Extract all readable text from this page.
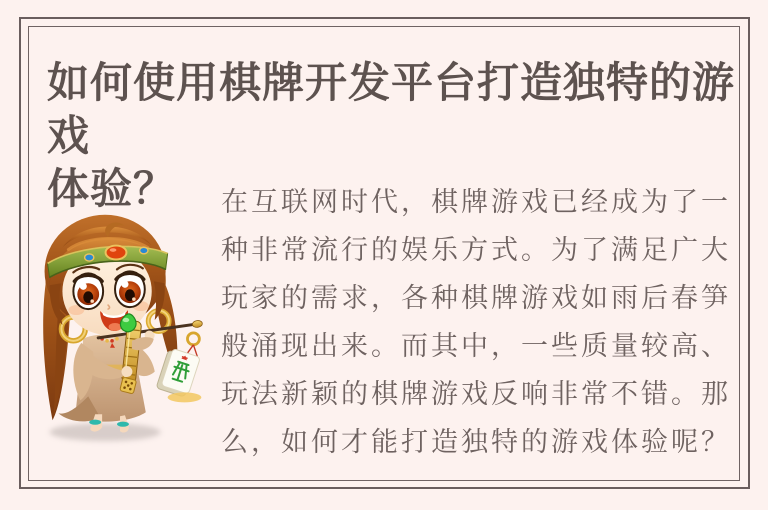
如何使用棋牌开发平台打造独特的游戏
体验？	在互联网时代，棋牌游戏已经成为了一
种非常流行的娱乐方式。为了满足广大
玩家的需求，各种棋牌游戏如雨后春笋
般涌现出来。而其中，一些质量较高、
玩法新颖的棋牌游戏反响非常不错。那
么，如何才能打造独特的游戏体验呢？
